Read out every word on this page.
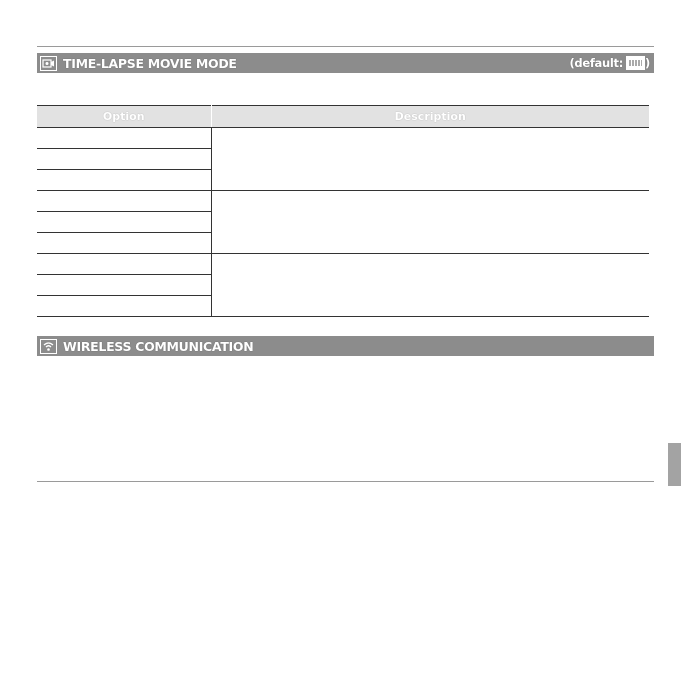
TIME-LAPSE MOVIE MODE	(default: )
Option	Description

WIRELESS COMMUNICATION
